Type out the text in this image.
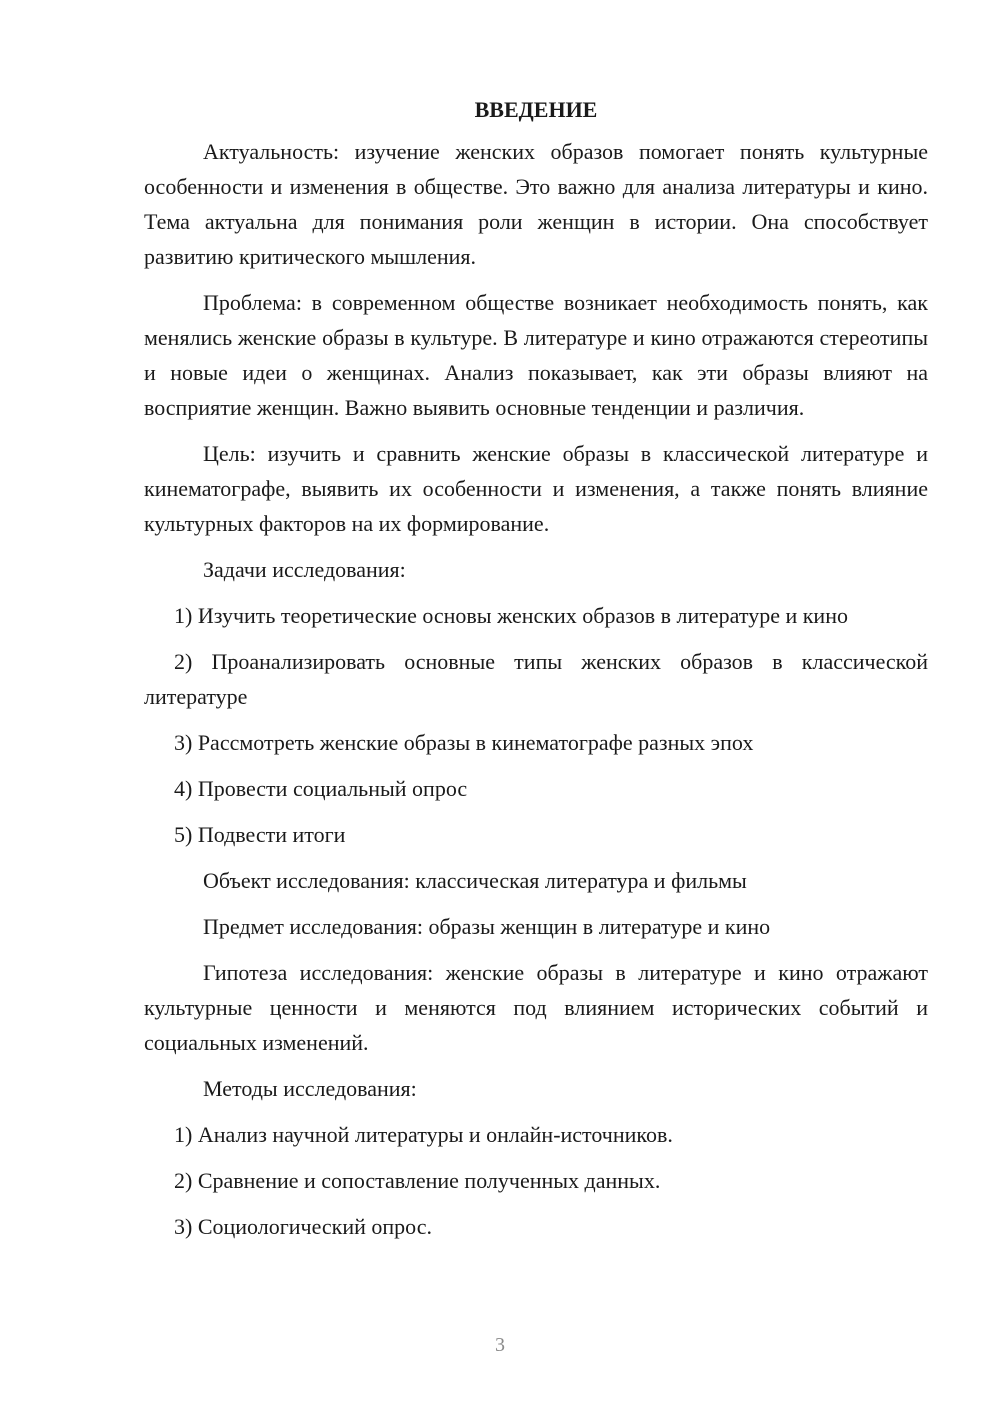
ВВЕДЕНИЕ

Актуальность: изучение женских образов помогает понять культурные особенности и изменения в обществе. Это важно для анализа литературы и кино. Тема актуальна для понимания роли женщин в истории. Она способствует развитию критического мышления.

Проблема: в современном обществе возникает необходимость понять, как менялись женские образы в культуре. В литературе и кино отражаются стереотипы и новые идеи о женщинах. Анализ показывает, как эти образы влияют на восприятие женщин. Важно выявить основные тенденции и различия.

Цель: изучить и сравнить женские образы в классической литературе и кинематографе, выявить их особенности и изменения, а также понять влияние культурных факторов на их формирование.

Задачи исследования:

1) Изучить теоретические основы женских образов в литературе и кино

2) Проанализировать основные типы женских образов в классической литературе

3) Рассмотреть женские образы в кинематографе разных эпох

4) Провести социальный опрос

5) Подвести итоги

Объект исследования: классическая литература и фильмы

Предмет исследования: образы женщин в литературе и кино

Гипотеза исследования: женские образы в литературе и кино отражают культурные ценности и меняются под влиянием исторических событий и социальных изменений.

Методы исследования:

1) Анализ научной литературы и онлайн-источников.

2) Сравнение и сопоставление полученных данных.

3) Социологический опрос.

3
